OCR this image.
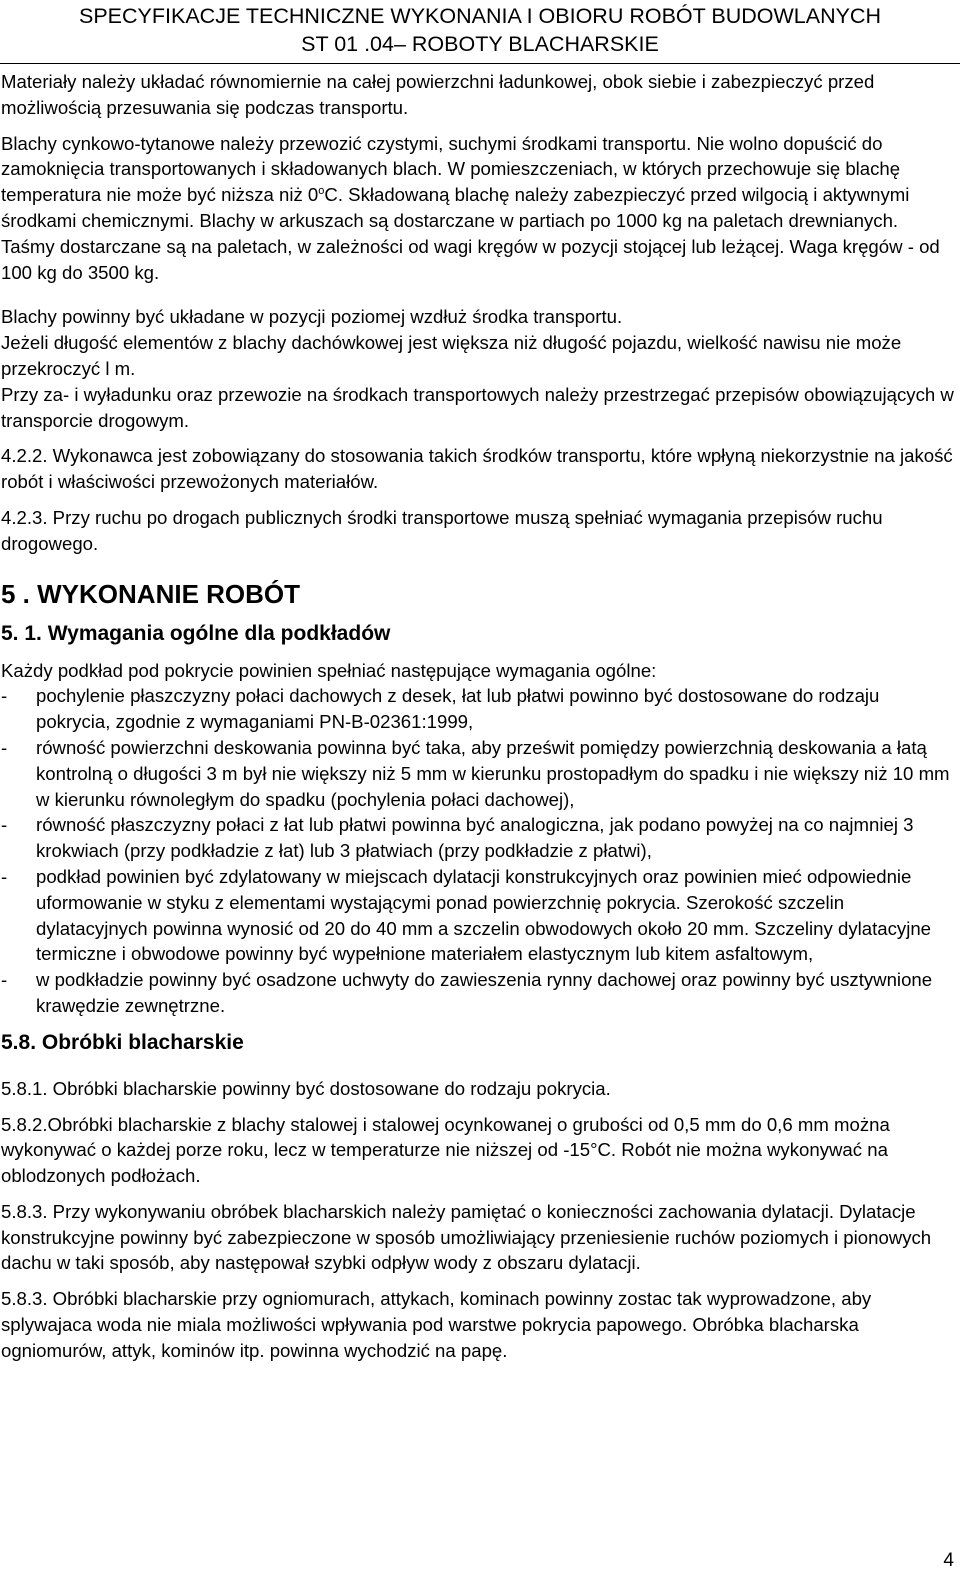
SPECYFIKACJE TECHNICZNE WYKONANIA I OBIORU ROBÓT BUDOWLANYCH
ST 01 .04– ROBOTY BLACHARSKIE

Materiały należy układać równomiernie na całej powierzchni ładunkowej, obok siebie i zabezpieczyć przed możliwością przesuwania się podczas transportu.

Blachy cynkowo-tytanowe należy przewozić czystymi, suchymi środkami transportu. Nie wolno dopuścić do zamoknięcia transportowanych i składowanych blach. W pomieszczeniach, w których przechowuje się blachę temperatura nie może być niższa niż 0$^o$C. Składowaną blachę należy zabezpieczyć przed wilgocią i aktywnymi środkami chemicznymi. Blachy w arkuszach są dostarczane w partiach po 1000 kg na paletach drewnianych. Taśmy dostarczane są na paletach, w zależności od wagi kręgów w pozycji stojącej lub leżącej. Waga kręgów - od 100 kg do 3500 kg.

Blachy powinny być układane w pozycji poziomej wzdłuż środka transportu.

Jeżeli długość elementów z blachy dachówkowej jest większa niż długość pojazdu, wielkość nawisu nie może przekroczyć l m.

Przy za- i wyładunku oraz przewozie na środkach transportowych należy przestrzegać przepisów obowiązujących w transporcie drogowym.

4.2.2. Wykonawca jest zobowiązany do stosowania takich środków transportu, które wpłyną niekorzystnie na jakość robót i właściwości przewożonych materiałów.

4.2.3. Przy ruchu po drogach publicznych środki transportowe muszą spełniać wymagania przepisów ruchu drogowego.

5 . WYKONANIE ROBÓT

5. 1. Wymagania ogólne dla podkładów

Każdy podkład pod pokrycie powinien spełniać następujące wymagania ogólne:

- pochylenie płaszczyzny połaci dachowych z desek, łat lub płatwi powinno być dostosowane do rodzaju pokrycia, zgodnie z wymaganiami PN-B-02361:1999,
- równość powierzchni deskowania powinna być taka, aby prześwit pomiędzy powierzchnią deskowania a łatą kontrolną o długości 3 m był nie większy niż 5 mm w kierunku prostopadłym do spadku i nie większy niż 10 mm w kierunku równoległym do spadku (pochylenia połaci dachowej),
- równość płaszczyzny połaci z łat lub płatwi powinna być analogiczna, jak podano powyżej na co najmniej 3 krokwiach (przy podkładzie z łat) lub 3 płatwiach (przy podkładzie z płatwi),
- podkład powinien być zdylatowany w miejscach dylatacji konstrukcyjnych oraz powinien mieć odpowiednie uformowanie w styku z elementami wystającymi ponad powierzchnię pokrycia. Szerokość szczelin dylatacyjnych powinna wynosić od 20 do 40 mm a szczelin obwodowych około 20 mm. Szczeliny dylatacyjne termiczne i obwodowe powinny być wypełnione materiałem elastycznym lub kitem asfaltowym,
- w podkładzie powinny być osadzone uchwyty do zawieszenia rynny dachowej oraz powinny być usztywnione krawędzie zewnętrzne.

5.8. Obróbki blacharskie

5.8.1. Obróbki blacharskie powinny być dostosowane do rodzaju pokrycia.

5.8.2.Obróbki blacharskie z blachy stalowej i stalowej ocynkowanej o grubości od 0,5 mm do 0,6 mm można wykonywać o każdej porze roku, lecz w temperaturze nie niższej od -15°C. Robót nie można wykonywać na oblodzonych podłożach.

5.8.3. Przy wykonywaniu obróbek blacharskich należy pamiętać o konieczności zachowania dylatacji. Dylatacje konstrukcyjne powinny być zabezpieczone w sposób umożliwiający przeniesienie ruchów poziomych i pionowych dachu w taki sposób, aby następował szybki odpływ wody z obszaru dylatacji.

5.8.3. Obróbki blacharskie przy ogniomurach, attykach, kominach powinny zostac tak wyprowadzone, aby splywajaca woda nie miala możliwości wpływania pod warstwe pokrycia papowego. Obróbka blacharska ogniomurów, attyk, kominów itp. powinna wychodzić na papę.

4
